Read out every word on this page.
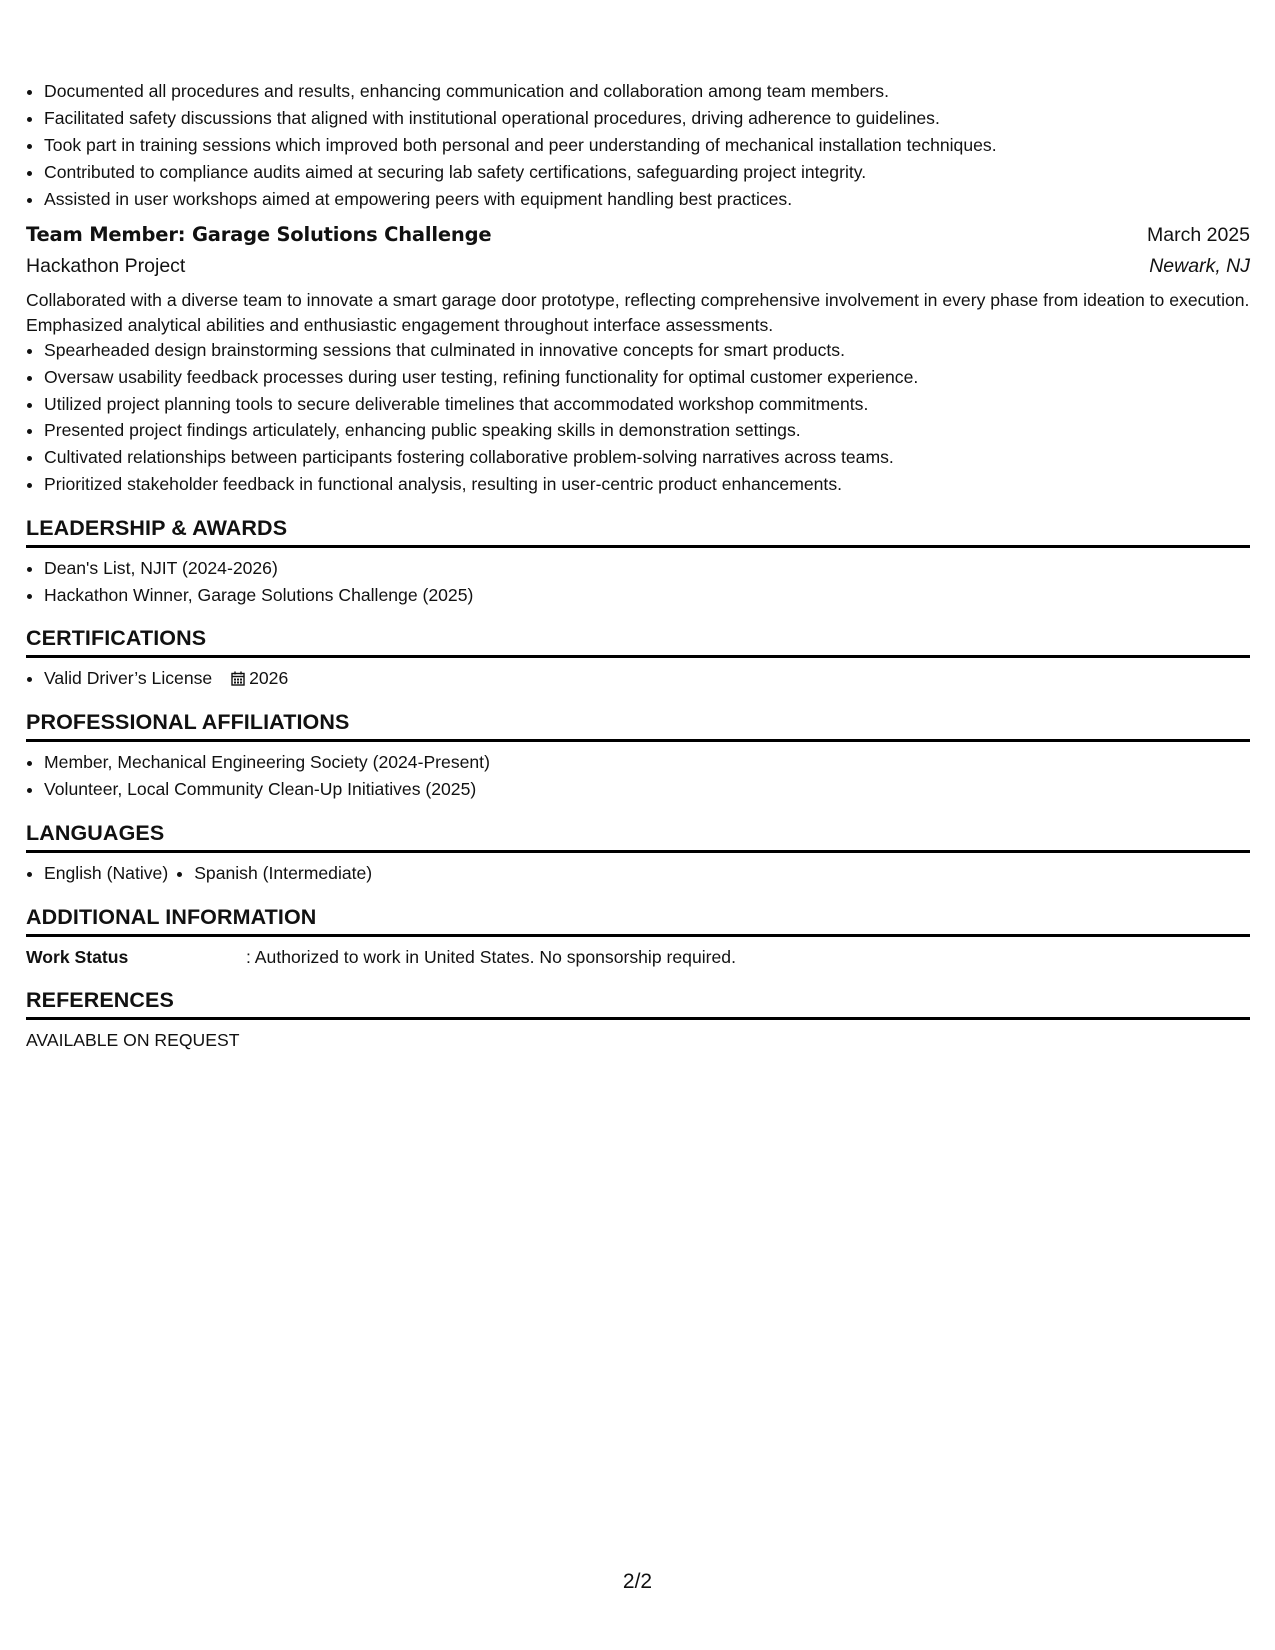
• Documented all procedures and results, enhancing communication and collaboration among team members.
• Facilitated safety discussions that aligned with institutional operational procedures, driving adherence to guidelines.
• Took part in training sessions which improved both personal and peer understanding of mechanical installation techniques.
• Contributed to compliance audits aimed at securing lab safety certifications, safeguarding project integrity.
• Assisted in user workshops aimed at empowering peers with equipment handling best practices.
Team Member: Garage Solutions Challenge	March 2025
Hackathon Project	Newark, NJ
Collaborated with a diverse team to innovate a smart garage door prototype, reflecting comprehensive involvement in every phase from ideation to execution. Emphasized analytical abilities and enthusiastic engagement throughout interface assessments.
• Spearheaded design brainstorming sessions that culminated in innovative concepts for smart products.
• Oversaw usability feedback processes during user testing, refining functionality for optimal customer experience.
• Utilized project planning tools to secure deliverable timelines that accommodated workshop commitments.
• Presented project findings articulately, enhancing public speaking skills in demonstration settings.
• Cultivated relationships between participants fostering collaborative problem-solving narratives across teams.
• Prioritized stakeholder feedback in functional analysis, resulting in user-centric product enhancements.
LEADERSHIP & AWARDS
• Dean's List, NJIT (2024-2026)
• Hackathon Winner, Garage Solutions Challenge (2025)
CERTIFICATIONS
• Valid Driver’s License 2026
PROFESSIONAL AFFILIATIONS
• Member, Mechanical Engineering Society (2024-Present)
• Volunteer, Local Community Clean-Up Initiatives (2025)
LANGUAGES
• English (Native)
• Spanish (Intermediate)
ADDITIONAL INFORMATION
Work Status	: Authorized to work in United States. No sponsorship required.
REFERENCES
AVAILABLE ON REQUEST
2/2
